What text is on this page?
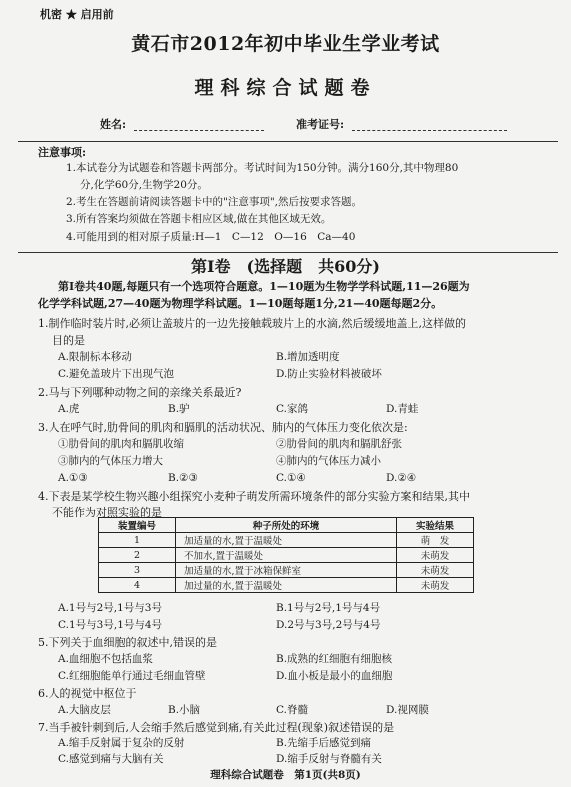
机密 ★ 启用前
黄石市2012年初中毕业生学业考试
理科综合试题卷
姓名:	准考证号:
注意事项:
1.本试卷分为试题卷和答题卡两部分。考试时间为150分钟。满分160分,其中物理80
分,化学60分,生物学20分。
2.考生在答题前请阅读答题卡中的"注意事项",然后按要求答题。
3.所有答案均须做在答题卡相应区域,做在其他区域无效。
4.可能用到的相对原子质量:H—1　C—12　O—16　Ca—40
第Ⅰ卷　(选择题　共60分)
第Ⅰ卷共40题,每题只有一个选项符合题意。1—10题为生物学学科试题,11—26题为
化学学科试题,27—40题为物理学科试题。1—10题每题1分,21—40题每题2分。
1.制作临时装片时,必须让盖玻片的一边先接触载玻片上的水滴,然后缓缓地盖上,这样做的
目的是
A.限制标本移动	B.增加透明度
C.避免盖玻片下出现气泡	D.防止实验材料被破坏
2.马与下列哪种动物之间的亲缘关系最近?
A.虎	B.驴	C.家鸽	D.青蛙
3.人在呼气时,肋骨间的肌肉和膈肌的活动状况、肺内的气体压力变化依次是:
①肋骨间的肌肉和膈肌收缩	②肋骨间的肌肉和膈肌舒张
③肺内的气体压力增大	④肺内的气体压力减小
A.①③	B.②③	C.①④	D.②④
4.下表是某学校生物兴趣小组探究小麦种子萌发所需环境条件的部分实验方案和结果,其中
不能作为对照实验的是
装置编号	种子所处的环境	实验结果
1	加适量的水,置于温暖处	萌　发
2	不加水,置于温暖处	未萌发
3	加适量的水,置于冰箱保鲜室	未萌发
4	加过量的水,置于温暖处	未萌发
A.1号与2号,1号与3号	B.1号与2号,1号与4号
C.1号与3号,1号与4号	D.2号与3号,2号与4号
5.下列关于血细胞的叙述中,错误的是
A.血细胞不包括血浆	B.成熟的红细胞有细胞核
C.红细胞能单行通过毛细血管壁	D.血小板是最小的血细胞
6.人的视觉中枢位于
A.大脑皮层	B.小脑	C.脊髓	D.视网膜
7.当手被针刺到后,人会缩手然后感觉到痛,有关此过程(现象)叙述错误的是
A.缩手反射属于复杂的反射	B.先缩手后感觉到痛
C.感觉到痛与大脑有关	D.缩手反射与脊髓有关
理科综合试题卷　第1页(共8页)
